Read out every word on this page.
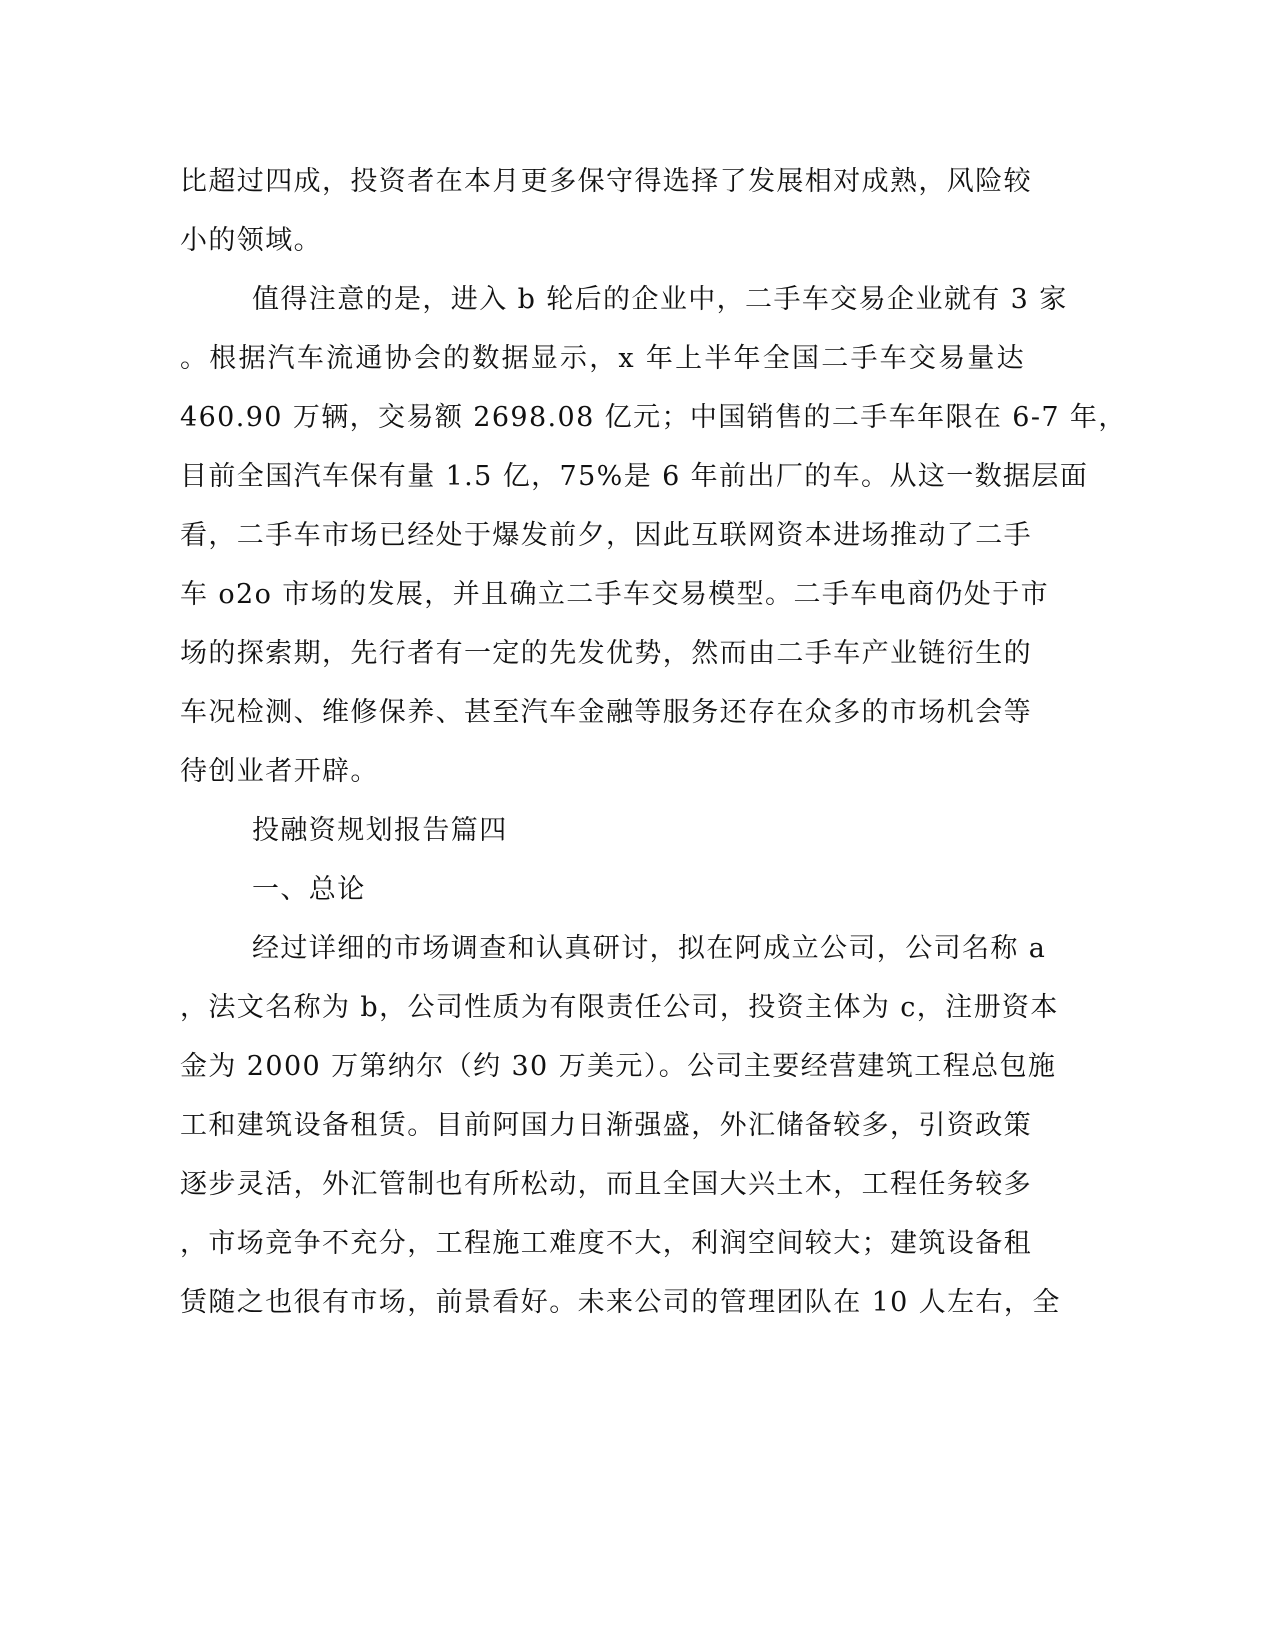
比超过四成，投资者在本月更多保守得选择了发展相对成熟，风险较
小的领域。
值得注意的是，进入 b 轮后的企业中，二手车交易企业就有 3 家
。根据汽车流通协会的数据显示，x 年上半年全国二手车交易量达
460.90 万辆，交易额 2698.08 亿元；中国销售的二手车年限在 6-7 年，
目前全国汽车保有量 1.5 亿，75%是 6 年前出厂的车。从这一数据层面
看，二手车市场已经处于爆发前夕，因此互联网资本进场推动了二手
车 o2o 市场的发展，并且确立二手车交易模型。二手车电商仍处于市
场的探索期，先行者有一定的先发优势，然而由二手车产业链衍生的
车况检测、维修保养、甚至汽车金融等服务还存在众多的市场机会等
待创业者开辟。
投融资规划报告篇四
一、总论
经过详细的市场调查和认真研讨，拟在阿成立公司，公司名称 a
，法文名称为 b，公司性质为有限责任公司，投资主体为 c，注册资本
金为 2000 万第纳尔（约 30 万美元）。公司主要经营建筑工程总包施
工和建筑设备租赁。目前阿国力日渐强盛，外汇储备较多，引资政策
逐步灵活，外汇管制也有所松动，而且全国大兴土木，工程任务较多
，市场竞争不充分，工程施工难度不大，利润空间较大；建筑设备租
赁随之也很有市场，前景看好。未来公司的管理团队在 10 人左右，全
